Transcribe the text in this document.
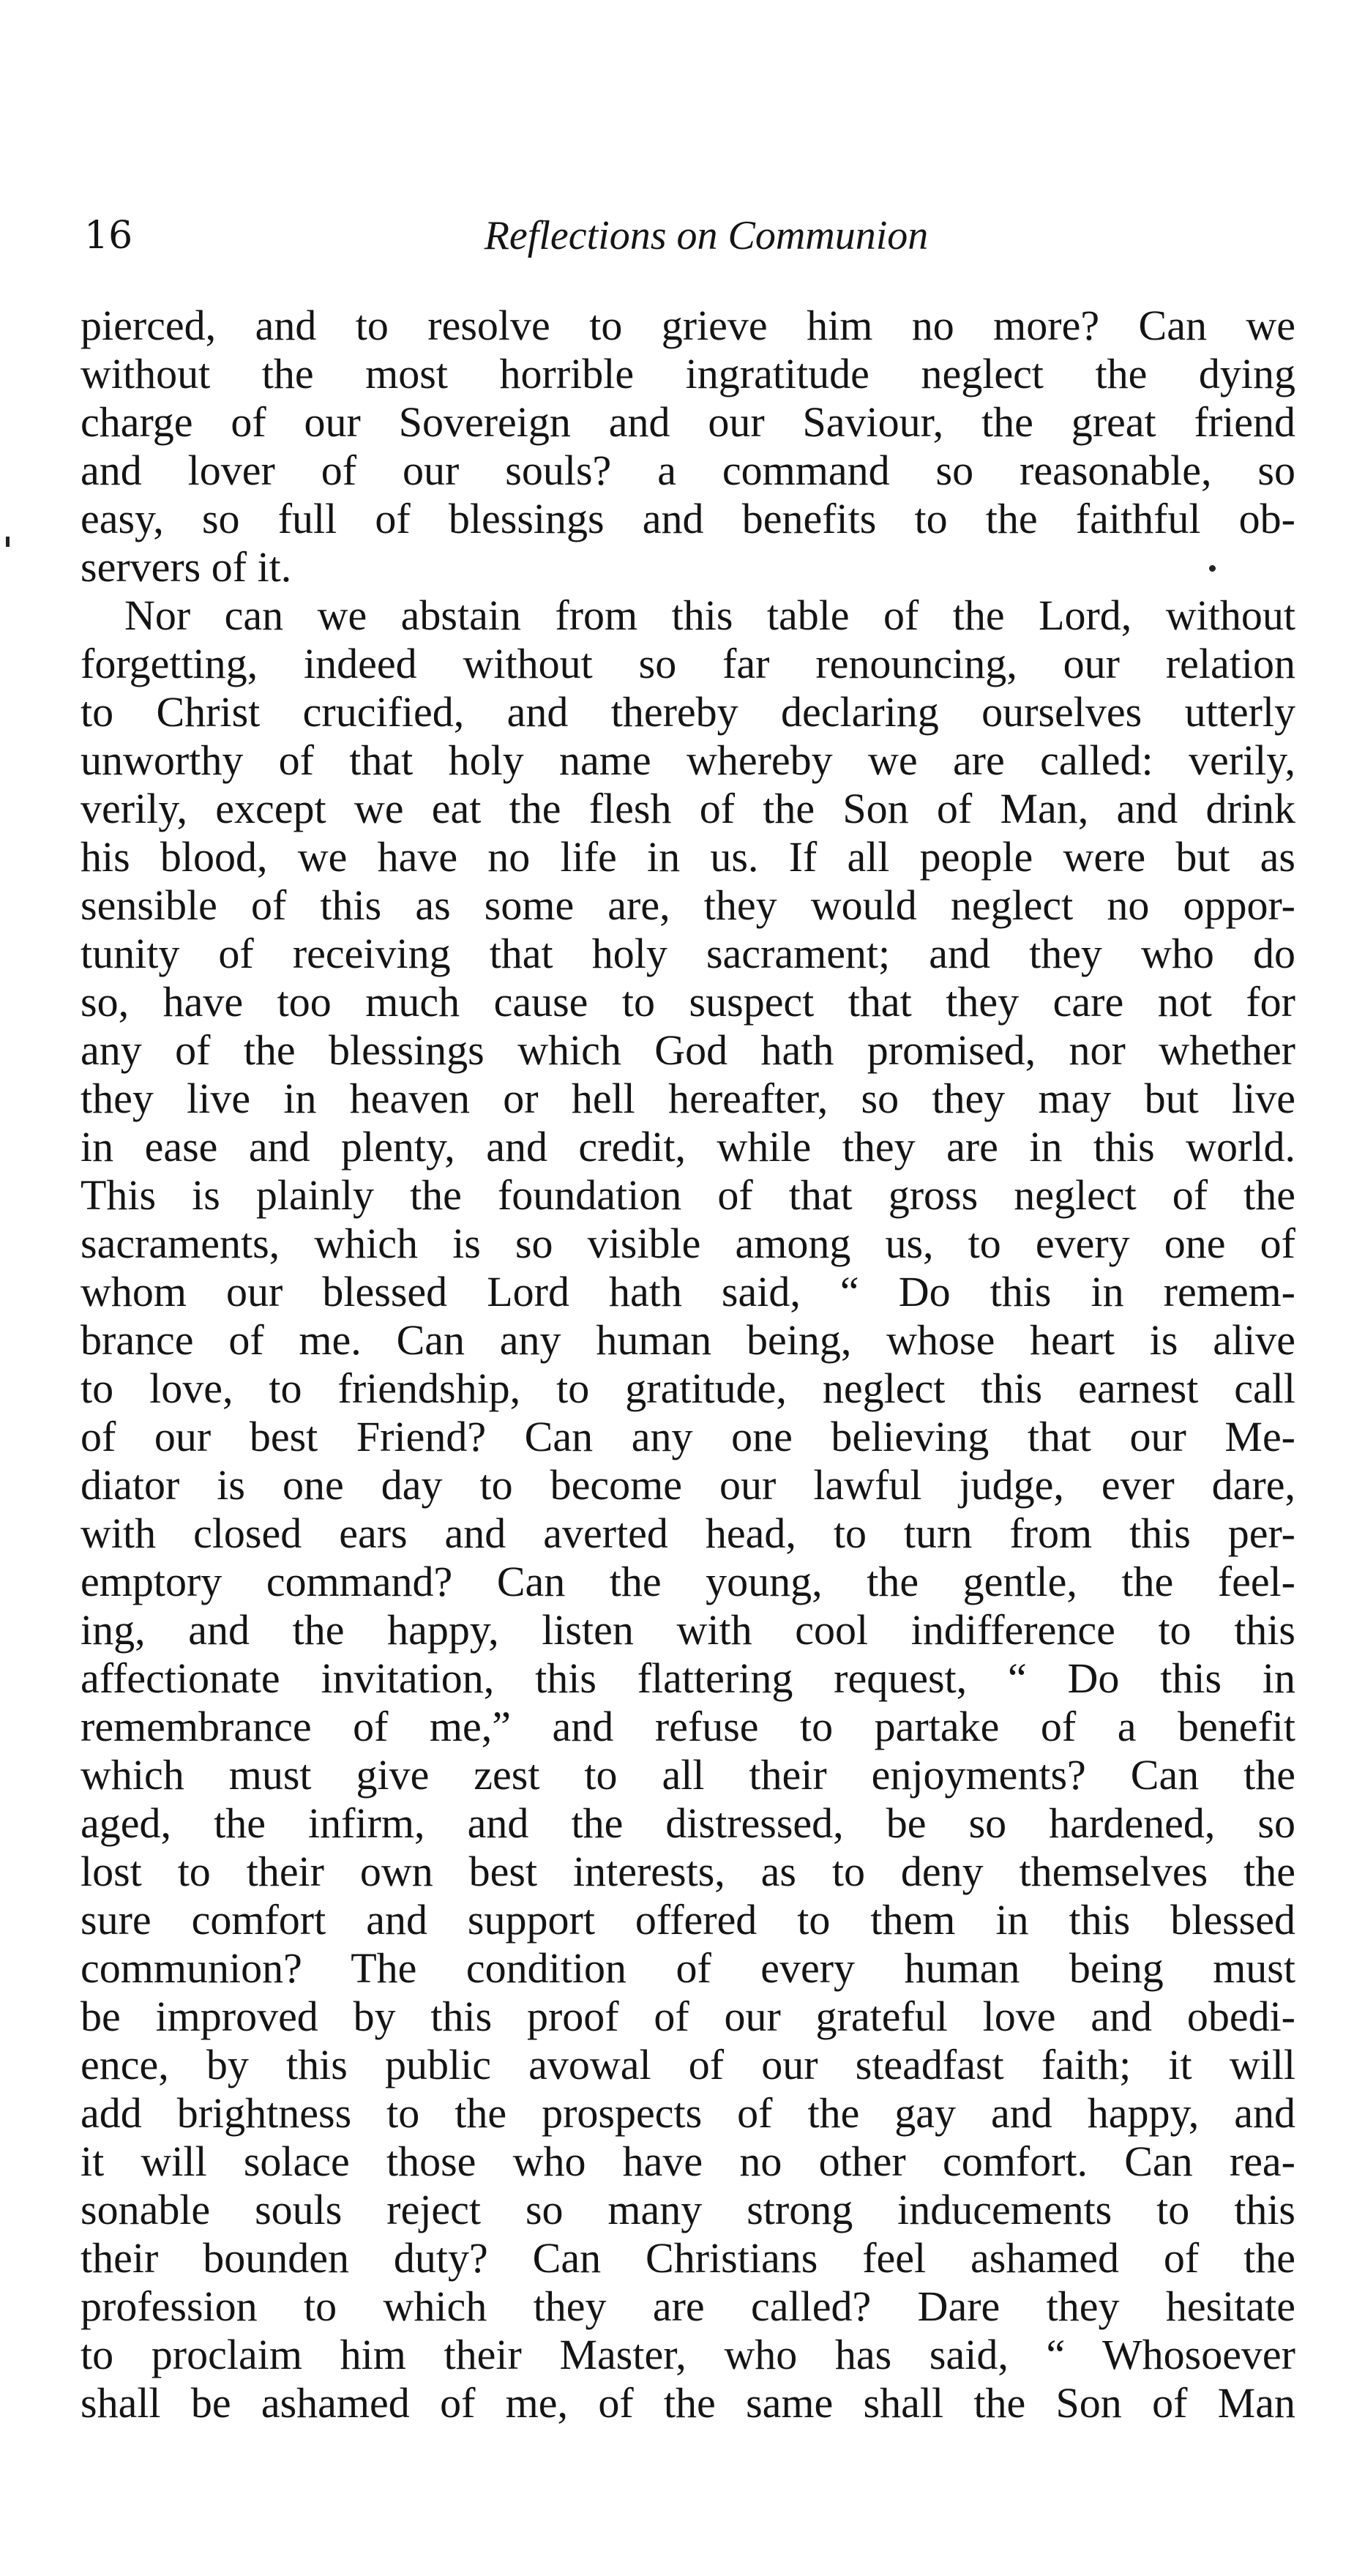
16	Reflections on Communion
pierced, and to resolve to grieve him no more? Can we
without the most horrible ingratitude neglect the dying
charge of our Sovereign and our Saviour, the great friend
and lover of our souls? a command so reasonable, so
easy, so full of blessings and benefits to the faithful ob-
servers of it.
Nor can we abstain from this table of the Lord, without
forgetting, indeed without so far renouncing, our relation
to Christ crucified, and thereby declaring ourselves utterly
unworthy of that holy name whereby we are called: verily,
verily, except we eat the flesh of the Son of Man, and drink
his blood, we have no life in us. If all people were but as
sensible of this as some are, they would neglect no oppor-
tunity of receiving that holy sacrament; and they who do
so, have too much cause to suspect that they care not for
any of the blessings which God hath promised, nor whether
they live in heaven or hell hereafter, so they may but live
in ease and plenty, and credit, while they are in this world.
This is plainly the foundation of that gross neglect of the
sacraments, which is so visible among us, to every one of
whom our blessed Lord hath said, “ Do this in remem-
brance of me. Can any human being, whose heart is alive
to love, to friendship, to gratitude, neglect this earnest call
of our best Friend? Can any one believing that our Me-
diator is one day to become our lawful judge, ever dare,
with closed ears and averted head, to turn from this per-
emptory command? Can the young, the gentle, the feel-
ing, and the happy, listen with cool indifference to this
affectionate invitation, this flattering request, “ Do this in
remembrance of me,” and refuse to partake of a benefit
which must give zest to all their enjoyments? Can the
aged, the infirm, and the distressed, be so hardened, so
lost to their own best interests, as to deny themselves the
sure comfort and support offered to them in this blessed
communion? The condition of every human being must
be improved by this proof of our grateful love and obedi-
ence, by this public avowal of our steadfast faith; it will
add brightness to the prospects of the gay and happy, and
it will solace those who have no other comfort. Can rea-
sonable souls reject so many strong inducements to this
their bounden duty? Can Christians feel ashamed of the
profession to which they are called? Dare they hesitate
to proclaim him their Master, who has said, “ Whosoever
shall be ashamed of me, of the same shall the Son of Man
